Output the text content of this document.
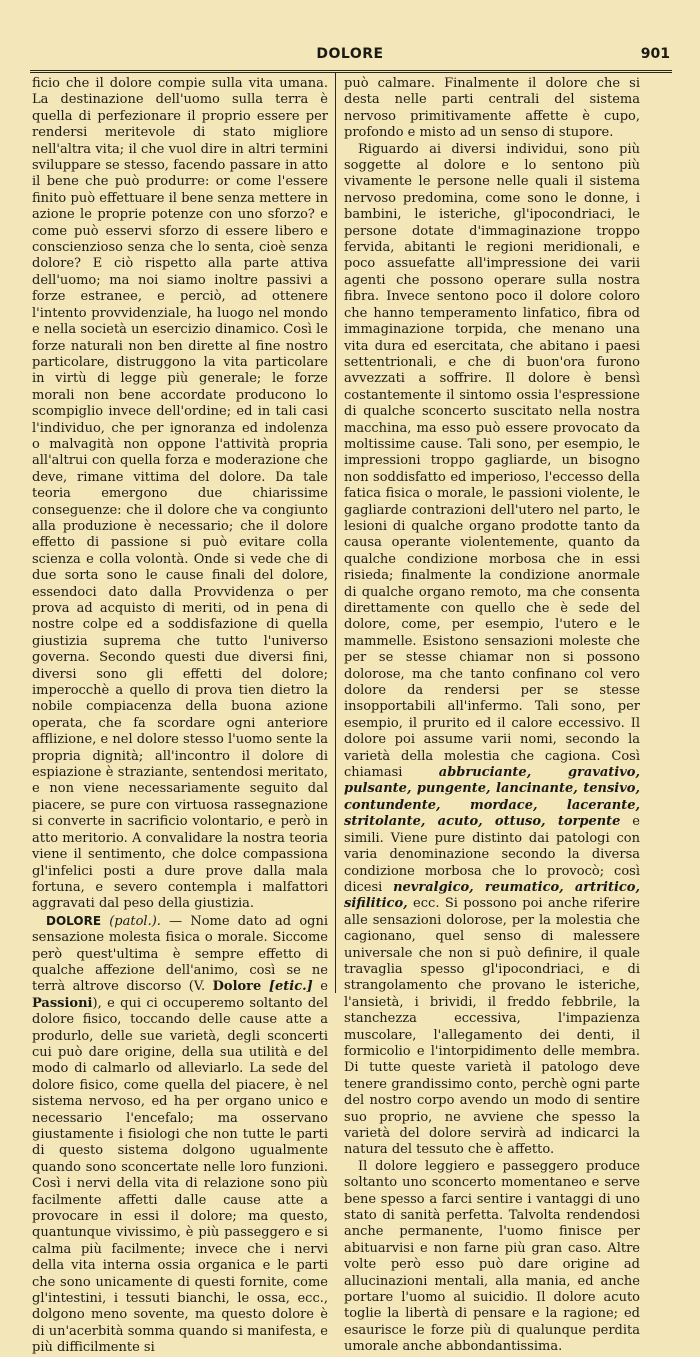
DOLORE	901

ficio che il dolore compie sulla vita umana. La destinazione dell'uomo sulla terra è quella di perfezionare il proprio essere per rendersi meritevole di stato migliore nell'altra vita; il che vuol dire in altri termini sviluppare se stesso, facendo passare in atto il bene che può produrre: or come l'essere finito può effettuare il bene senza mettere in azione le proprie potenze con uno sforzo? e come può esservi sforzo di essere libero e conscienzioso senza che lo senta, cioè senza dolore? E ciò rispetto alla parte attiva dell'uomo; ma noi siamo inoltre passivi a forze estranee, e perciò, ad ottenere l'intento provvidenziale, ha luogo nel mondo e nella società un esercizio dinamico. Così le forze naturali non ben dirette al fine nostro particolare, distruggono la vita particolare in virtù di legge più generale; le forze morali non bene accordate producono lo scompiglio invece dell'ordine; ed in tali casi l'individuo, che per ignoranza ed indolenza o malvagità non oppone l'attività propria all'altrui con quella forza e moderazione che deve, rimane vittima del dolore. Da tale teoria emergono due chiarissime conseguenze: che il dolore che va congiunto alla produzione è necessario; che il dolore effetto di passione si può evitare colla scienza e colla volontà. Onde si vede che di due sorta sono le cause finali del dolore, essendoci dato dalla Provvidenza o per prova ad acquisto di meriti, od in pena di nostre colpe ed a soddisfazione di quella giustizia suprema che tutto l'universo governa. Secondo questi due diversi fini, diversi sono gli effetti del dolore; imperocchè a quello di prova tien dietro la nobile compiacenza della buona azione operata, che fa scordare ogni anteriore afflizione, e nel dolore stesso l'uomo sente la propria dignità; all'incontro il dolore di espiazione è straziante, sentendosi meritato, e non viene necessariamente seguito dal piacere, se pure con virtuosa rassegnazione si converte in sacrificio volontario, e però in atto meritorio. A convalidare la nostra teoria viene il sentimento, che dolce compassiona gl'infelici posti a dure prove dalla mala fortuna, e severo contempla i malfattori aggravati dal peso della giustizia.

DOLORE (patol.). — Nome dato ad ogni sensazione molesta fisica o morale. Siccome però quest'ultima è sempre effetto di qualche affezione dell'animo, così se ne terrà altrove discorso (V. Dolore [etic.] e Passioni), e qui ci occuperemo soltanto del dolore fisico, toccando delle cause atte a produrlo, delle sue varietà, degli sconcerti cui può dare origine, della sua utilità e del modo di calmarlo od alleviarlo. La sede del dolore fisico, come quella del piacere, è nel sistema nervoso, ed ha per organo unico e necessario l'encefalo; ma osservano giustamente i fisiologi che non tutte le parti di questo sistema dolgono ugualmente quando sono sconcertate nelle loro funzioni. Così i nervi della vita di relazione sono più facilmente affetti dalle cause atte a provocare in essi il dolore; ma questo, quantunque vivissimo, è più passeggero e si calma più facilmente; invece che i nervi della vita interna ossia organica e le parti che sono unicamente di questi fornite, come gl'intestini, i tessuti bianchi, le ossa, ecc., dolgono meno sovente, ma questo dolore è di un'acerbità somma quando si manifesta, e più difficilmente si

può calmare. Finalmente il dolore che si desta nelle parti centrali del sistema nervoso primitivamente affette è cupo, profondo e misto ad un senso di stupore.

Riguardo ai diversi individui, sono più soggette al dolore e lo sentono più vivamente le persone nelle quali il sistema nervoso predomina, come sono le donne, i bambini, le isteriche, gl'ipocondriaci, le persone dotate d'immaginazione troppo fervida, abitanti le regioni meridionali, e poco assuefatte all'impressione dei varii agenti che possono operare sulla nostra fibra. Invece sentono poco il dolore coloro che hanno temperamento linfatico, fibra od immaginazione torpida, che menano una vita dura ed esercitata, che abitano i paesi settentrionali, e che di buon'ora furono avvezzati a soffrire. Il dolore è bensì costantemente il sintomo ossia l'espressione di qualche sconcerto suscitato nella nostra macchina, ma esso può essere provocato da moltissime cause. Tali sono, per esempio, le impressioni troppo gagliarde, un bisogno non soddisfatto ed imperioso, l'eccesso della fatica fisica o morale, le passioni violente, le gagliarde contrazioni dell'utero nel parto, le lesioni di qualche organo prodotte tanto da causa operante violentemente, quanto da qualche condizione morbosa che in essi risieda; finalmente la condizione anormale di qualche organo remoto, ma che consenta direttamente con quello che è sede del dolore, come, per esempio, l'utero e le mammelle. Esistono sensazioni moleste che per se stesse chiamar non si possono dolorose, ma che tanto confinano col vero dolore da rendersi per se stesse insopportabili all'infermo. Tali sono, per esempio, il prurito ed il calore eccessivo. Il dolore poi assume varii nomi, secondo la varietà della molestia che cagiona. Così chiamasi abbruciante, gravativo, pulsante, pungente, lancinante, tensivo, contundente, mordace, lacerante, stritolante, acuto, ottuso, torpente e simili. Viene pure distinto dai patologi con varia denominazione secondo la diversa condizione morbosa che lo provocò; così dicesi nevralgico, reumatico, artritico, sifilitico, ecc. Si possono poi anche riferire alle sensazioni dolorose, per la molestia che cagionano, quel senso di malessere universale che non si può definire, il quale travaglia spesso gl'ipocondriaci, e di strangolamento che provano le isteriche, l'ansietà, i brividi, il freddo febbrile, la stanchezza eccessiva, l'impazienza muscolare, l'allegamento dei denti, il formicolio e l'intorpidimento delle membra. Di tutte queste varietà il patologo deve tenere grandissimo conto, perchè ogni parte del nostro corpo avendo un modo di sentire suo proprio, ne avviene che spesso la varietà del dolore servirà ad indicarci la natura del tessuto che è affetto.

Il dolore leggiero e passeggero produce soltanto uno sconcerto momentaneo e serve bene spesso a farci sentire i vantaggi di uno stato di sanità perfetta. Talvolta rendendosi anche permanente, l'uomo finisce per abituarvisi e non farne più gran caso. Altre volte però esso può dare origine ad allucinazioni mentali, alla mania, ed anche portare l'uomo al suicidio. Il dolore acuto toglie la libertà di pensare e la ragione; ed esaurisce le forze più di qualunque perdita umorale anche abbondantissima.
